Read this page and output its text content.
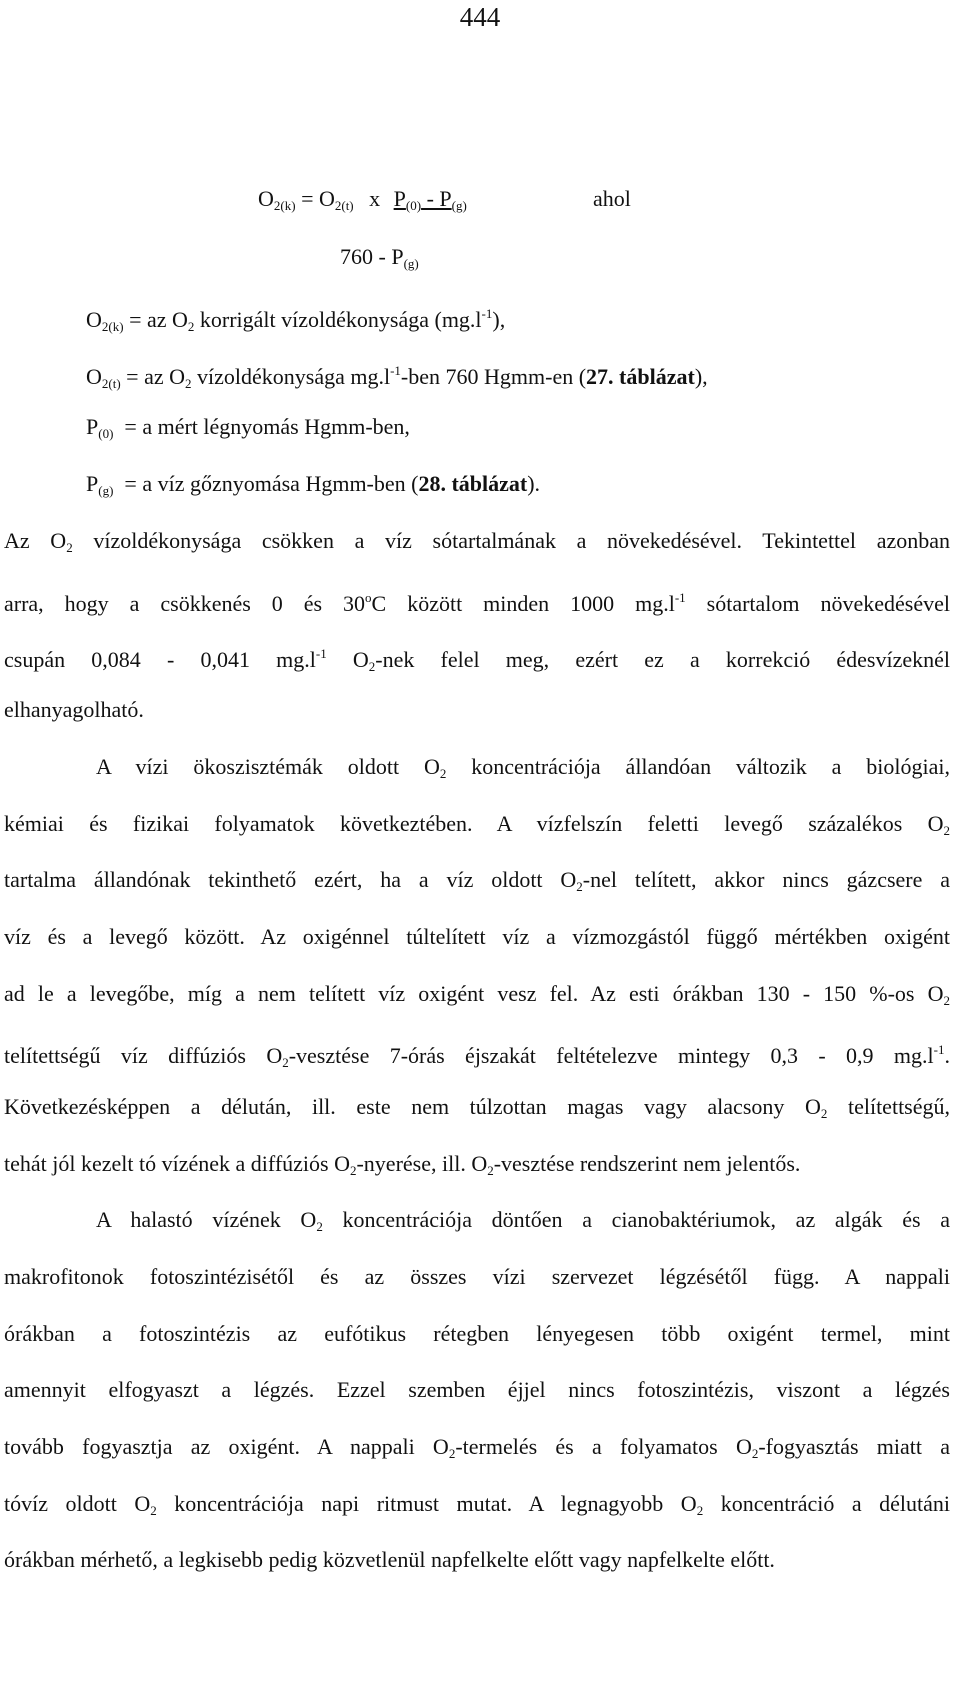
444
$O_{2(k)} = O_{2(t)}$ x $P_{(0)} - P_{(g)}$	ahol
$760 - P_{(g)}$
$O_{2(k)}$ = az $O_2$ korrigált vízoldékonysága $(mg.l^{-1})$,
$O_{2(t)}$ = az $O_2$ vízoldékonysága $mg.l^{-1}$-ben 760 Hgmm-en (27. táblázat),
$P_{(0)} = a$ mért légnyomás Hgmm-ben,
$P_{(g)} = a$ víz gőznyomása Hgmm-ben (28. táblázat).
Az $O_2$ vízoldékonysága csökken a víz sótartalmának a növekedésével. Tekintettel azonban
arra, hogy a csökkenés 0 és 30$^o$C között minden 1000 $mg.l^{-1}$ sótartalom növekedésével
csupán 0,084 - 0,041 $mg.l^{-1}$ $O_2$-nek felel meg, ezért ez a korrekció édesvízeknél
elhanyagolható.
A vízi ökoszisztémák oldott $O_2$ koncentrációja állandóan változik a biológiai,
kémiai és fizikai folyamatok következtében. A vízfelszín feletti levegő százalékos $O_2$
tartalma állandónak tekinthető ezért, ha a víz oldott $O_2$-nel telített, akkor nincs gázcsere a
víz és a levegő között. Az oxigénnel túltelített víz a vízmozgástól függő mértékben oxigént
ad le a levegőbe, míg a nem telített víz oxigént vesz fel. Az esti órákban 130 - 150 %-os $O_2$
telítettségű víz diffúziós $O_2$-vesztése 7-órás éjszakát feltételezve mintegy 0,3 - 0,9 $mg.l^{-1}$.
Következésképpen a délután, ill. este nem túlzottan magas vagy alacsony $O_2$ telítettségű,
tehát jól kezelt tó vízének a diffúziós $O_2$-nyerése, ill. $O_2$-vesztése rendszerint nem jelentős.
A halastó vízének $O_2$ koncentrációja döntően a cianobaktériumok, az algák és a
makrofitonok fotoszintézisétől és az összes vízi szervezet légzésétől függ. A nappali
órákban a fotoszintézis az eufótikus rétegben lényegesen több oxigént termel, mint
amennyit elfogyaszt a légzés. Ezzel szemben éjjel nincs fotoszintézis, viszont a légzés
tovább fogyasztja az oxigént. A nappali $O_2$-termelés és a folyamatos $O_2$-fogyasztás miatt a
tóvíz oldott $O_2$ koncentrációja napi ritmust mutat. A legnagyobb $O_2$ koncentráció a délutáni
órákban mérhető, a legkisebb pedig közvetlenül napfelkelte előtt vagy napfelkelte előtt.
